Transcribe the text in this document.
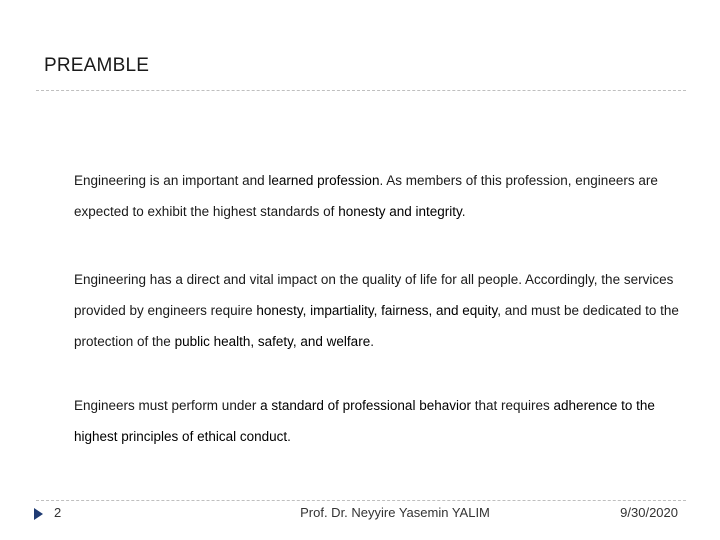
PREAMBLE

Engineering is an important and learned profession. As members of this profession, engineers are expected to exhibit the highest standards of honesty and integrity.

Engineering has a direct and vital impact on the quality of life for all people. Accordingly, the services provided by engineers require honesty, impartiality, fairness, and equity, and must be dedicated to the protection of the public health, safety, and welfare.

Engineers must perform under a standard of professional behavior that requires adherence to the highest principles of ethical conduct.

2	Prof. Dr. Neyyire Yasemin YALIM	9/30/2020
